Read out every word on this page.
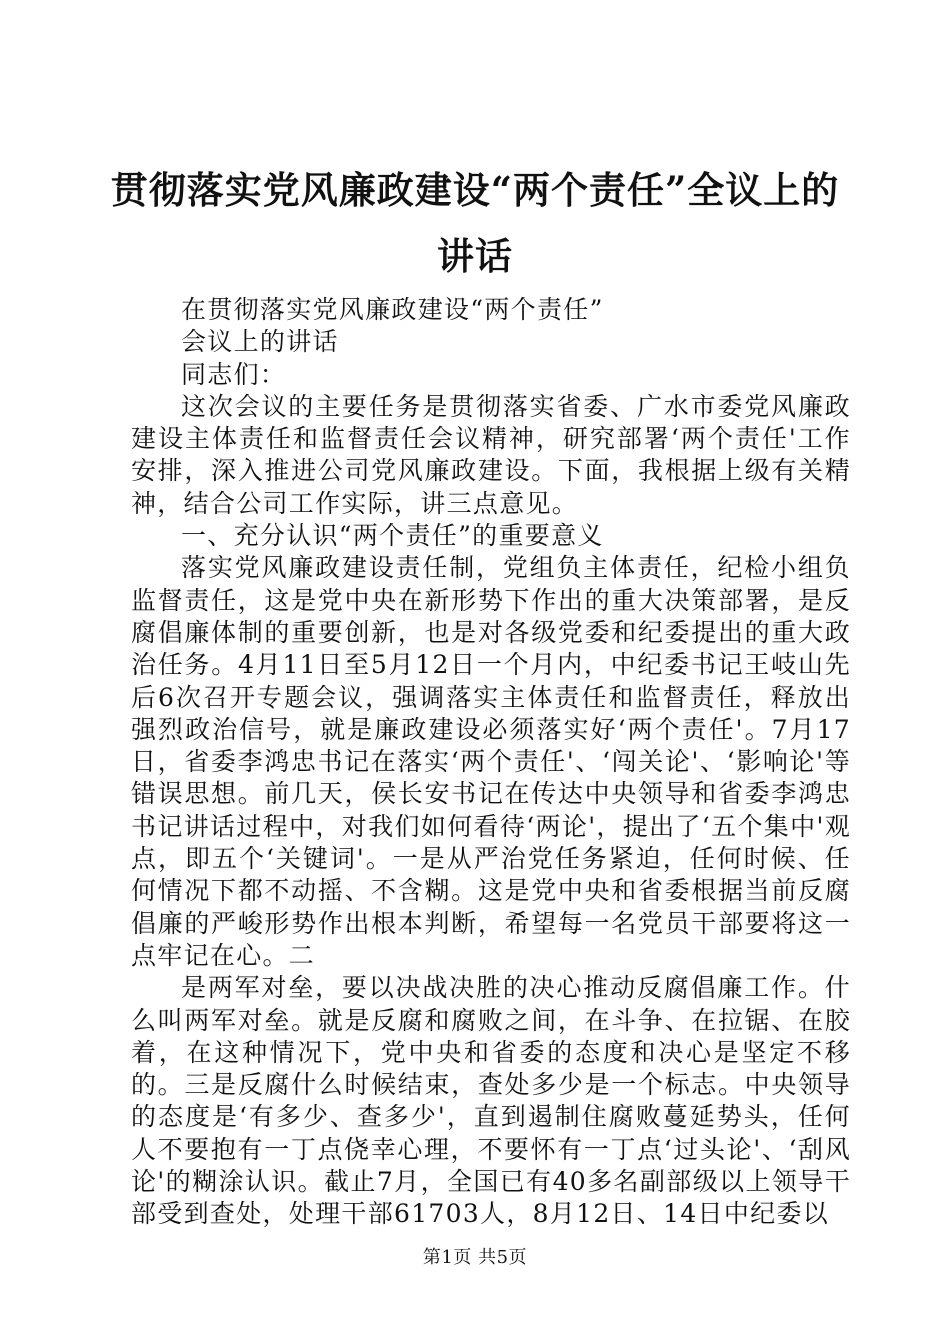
贯彻落实党风廉政建设“两个责任”全议上的
讲话

在贯彻落实党风廉政建设“两个责任”

会议上的讲话

同志们：

这次会议的主要任务是贯彻落实省委、广水市委党风廉政建设主体责任和监督责任会议精神，研究部署‘两个责任'工作安排，深入推进公司党风廉政建设。下面，我根据上级有关精神，结合公司工作实际，讲三点意见。

一、充分认识“两个责任”的重要意义

落实党风廉政建设责任制，党组负主体责任，纪检小组负监督责任，这是党中央在新形势下作出的重大决策部署，是反腐倡廉体制的重要创新，也是对各级党委和纪委提出的重大政治任务。4月11日至5月12日一个月内，中纪委书记王岐山先后6次召开专题会议，强调落实主体责任和监督责任，释放出强烈政治信号，就是廉政建设必须落实好‘两个责任'。7月17日，省委李鸿忠书记在落实‘两个责任'、‘闯关论'、‘影响论'等错误思想。前几天，侯长安书记在传达中央领导和省委李鸿忠书记讲话过程中，对我们如何看待‘两论'，提出了‘五个集中'观点，即五个‘关键词'。一是从严治党任务紧迫，任何时候、任何情况下都不动摇、不含糊。这是党中央和省委根据当前反腐倡廉的严峻形势作出根本判断，希望每一名党员干部要将这一点牢记在心。二

是两军对垒，要以决战决胜的决心推动反腐倡廉工作。什么叫两军对垒。就是反腐和腐败之间，在斗争、在拉锯、在胶着，在这种情况下，党中央和省委的态度和决心是坚定不移的。三是反腐什么时候结束，查处多少是一个标志。中央领导的态度是‘有多少、查多少'，直到遏制住腐败蔓延势头，任何人不要抱有一丁点侥幸心理，不要怀有一丁点‘过头论'、‘刮风论'的糊涂认识。截止7月，全国已有40多名副部级以上领导干部受到查处，处理干部61703人，8月12日、14日中纪委以

第1页 共5页
